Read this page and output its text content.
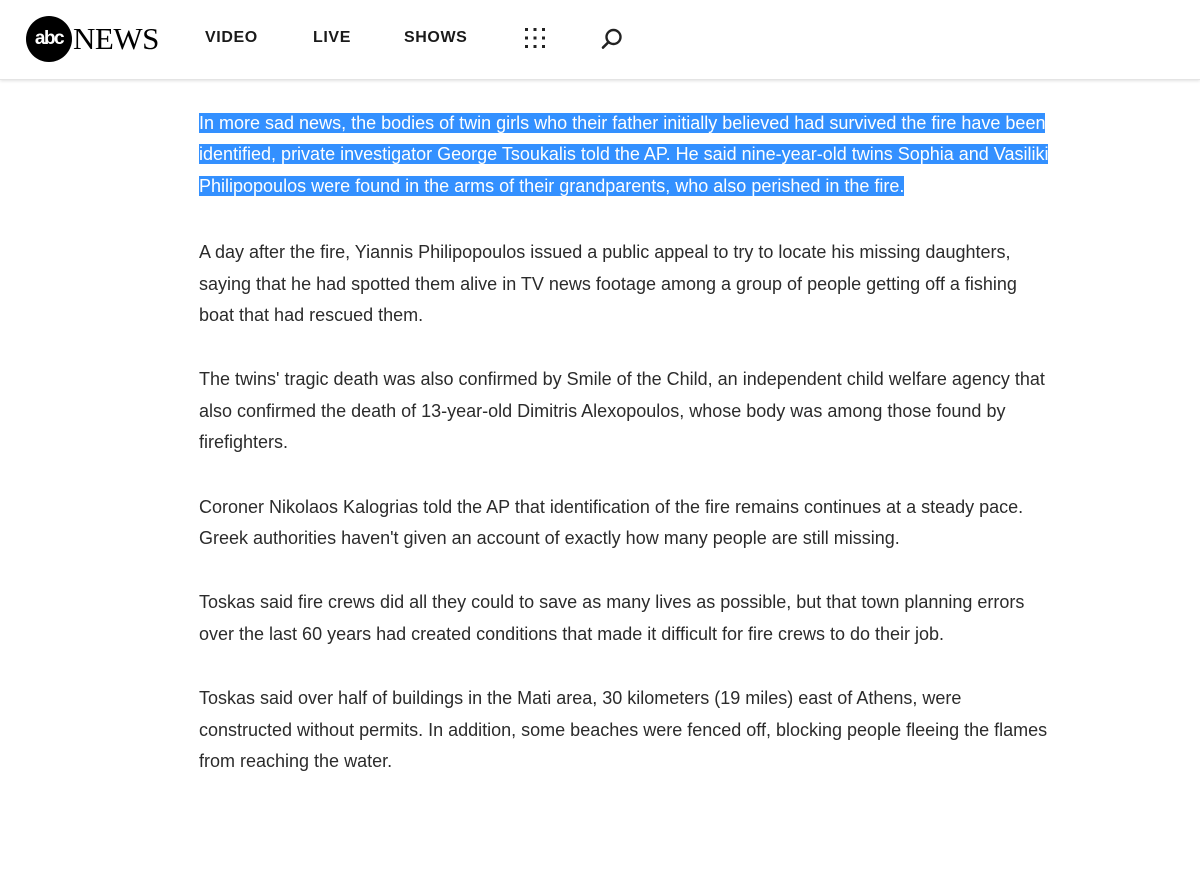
abc NEWS	VIDEO	LIVE	SHOWS

In more sad news, the bodies of twin girls who their father initially believed had survived the fire have been identified, private investigator George Tsoukalis told the AP. He said nine-year-old twins Sophia and Vasiliki Philipopoulos were found in the arms of their grandparents, who also perished in the fire.

A day after the fire, Yiannis Philipopoulos issued a public appeal to try to locate his missing daughters, saying that he had spotted them alive in TV news footage among a group of people getting off a fishing boat that had rescued them.

The twins' tragic death was also confirmed by Smile of the Child, an independent child welfare agency that also confirmed the death of 13-year-old Dimitris Alexopoulos, whose body was among those found by firefighters.

Coroner Nikolaos Kalogrias told the AP that identification of the fire remains continues at a steady pace. Greek authorities haven't given an account of exactly how many people are still missing.

Toskas said fire crews did all they could to save as many lives as possible, but that town planning errors over the last 60 years had created conditions that made it difficult for fire crews to do their job.

Toskas said over half of buildings in the Mati area, 30 kilometers (19 miles) east of Athens, were constructed without permits. In addition, some beaches were fenced off, blocking people fleeing the flames from reaching the water.
